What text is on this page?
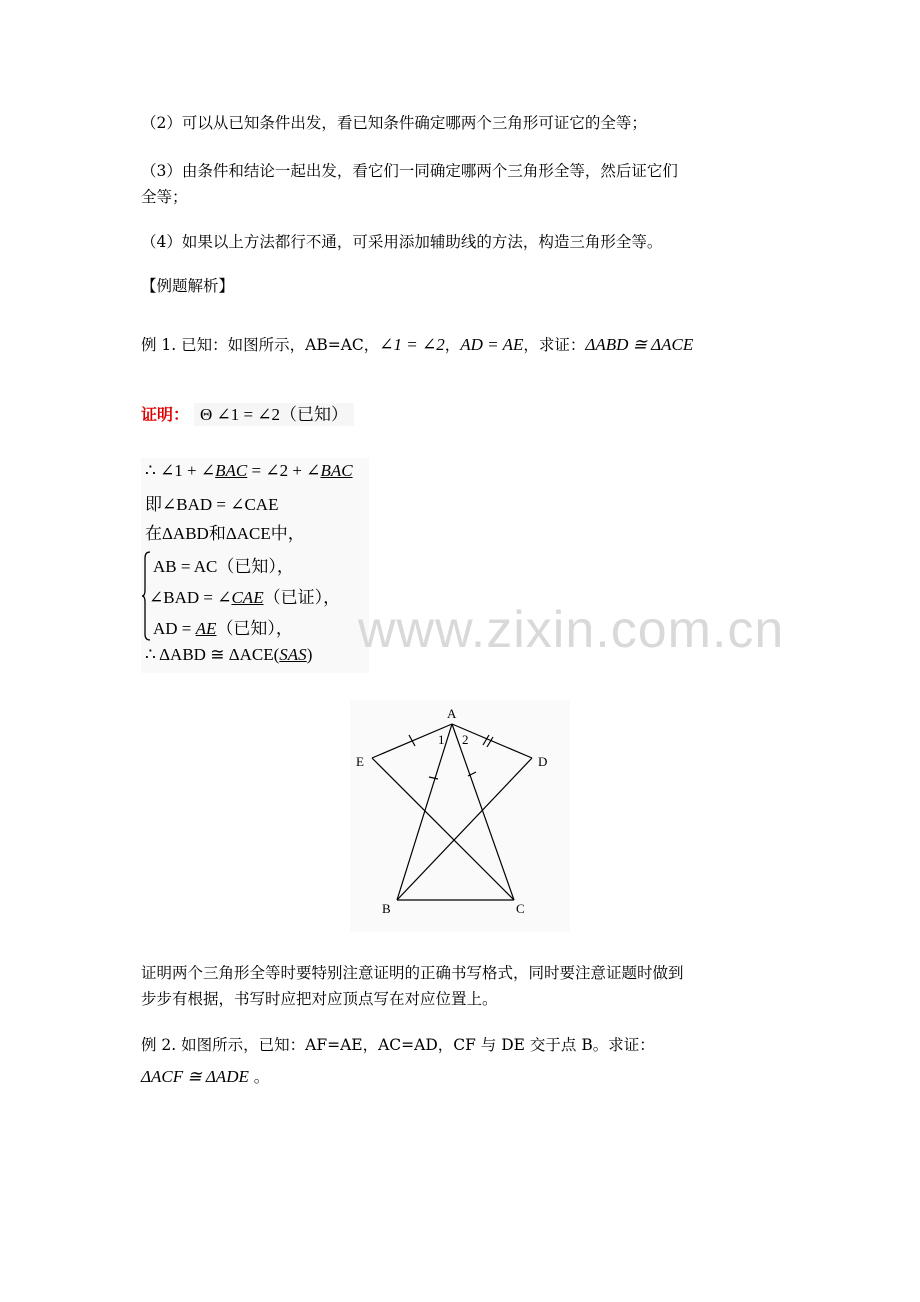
（2）可以从已知条件出发，看已知条件确定哪两个三角形可证它的全等；
（3）由条件和结论一起出发，看它们一同确定哪两个三角形全等，然后证它们
全等；
（4）如果以上方法都行不通，可采用添加辅助线的方法，构造三角形全等。
【例题解析】
例 1. 已知：如图所示，AB=AC，∠1 = ∠2，AD = AE，求证：ΔABD ≅ ΔACE
证明： Θ ∠1 = ∠2（已知）
∴ ∠1 + ∠BAC = ∠2 + ∠BAC
即∠BAD = ∠CAE
在ΔABD和ΔACE中，
AB = AC（已知），
∠BAD = ∠CAE（已证），
AD = AE（已知），
∴ ΔABD ≅ ΔACE(SAS) www.zixin.com.cn
A
1 2
E	D
B	C
证明两个三角形全等时要特别注意证明的正确书写格式，同时要注意证题时做到
步步有根据，书写时应把对应顶点写在对应位置上。
例 2. 如图所示，已知：AF=AE，AC=AD，CF 与 DE 交于点 B。求证：
ΔACF ≅ ΔADE 。
